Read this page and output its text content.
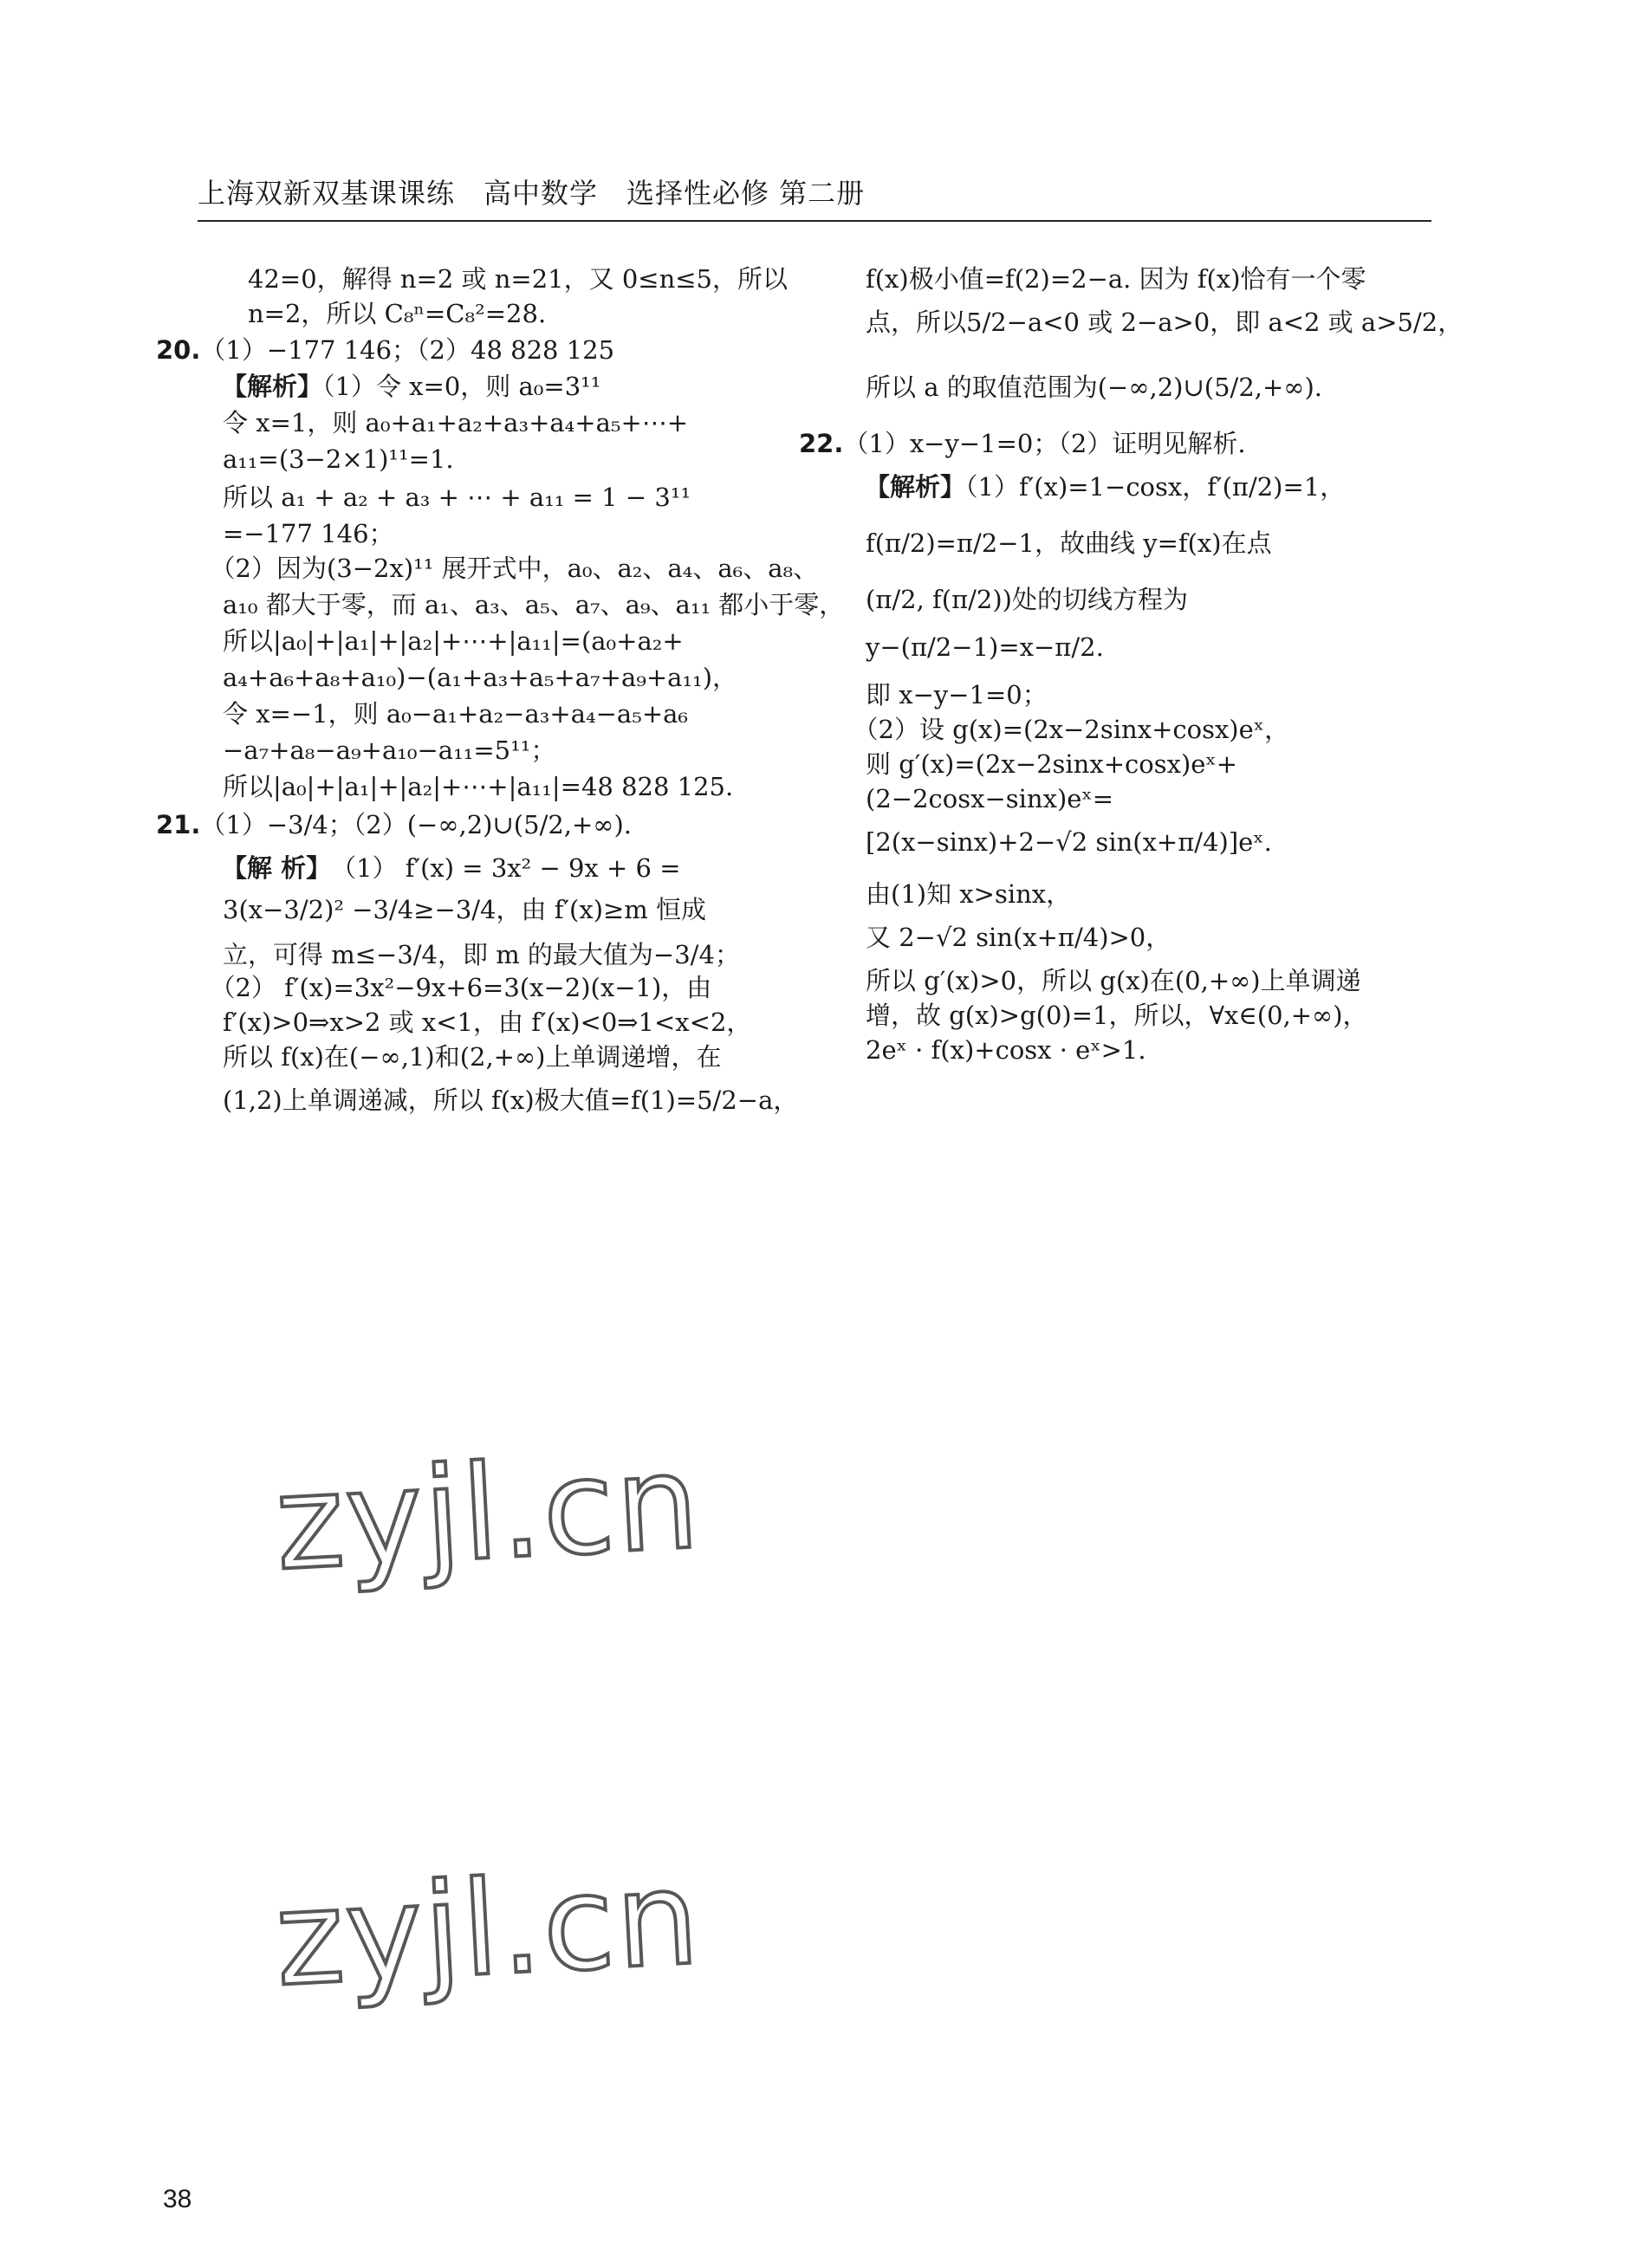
上海双新双基课课练　高中数学　选择性必修 第二册
　　42=0，解得 n=2 或 n=21，又 0≤n≤5，所以
　　n=2，所以 C₈ⁿ=C₈²=28.
20.（1）−177 146；（2）48 828 125
【解析】（1）令 x=0，则 a₀=3¹¹
　令 x=1，则 a₀+a₁+a₂+a₃+a₄+a₅+⋯+
　a₁₁=(3−2×1)¹¹=1.
　所以 a₁ + a₂ + a₃ + ⋯ + a₁₁ = 1 − 3¹¹
　=−177 146；
　（2）因为(3−2x)¹¹ 展开式中，a₀、a₂、a₄、a₆、a₈、
　a₁₀ 都大于零，而 a₁、a₃、a₅、a₇、a₉、a₁₁ 都小于零，
　所以|a₀|+|a₁|+|a₂|+⋯+|a₁₁|=(a₀+a₂+
　a₄+a₆+a₈+a₁₀)−(a₁+a₃+a₅+a₇+a₉+a₁₁)，
　令 x=−1，则 a₀−a₁+a₂−a₃+a₄−a₅+a₆
　−a₇+a₈−a₉+a₁₀−a₁₁=5¹¹；
　所以|a₀|+|a₁|+|a₂|+⋯+|a₁₁|=48 828 125.
21.（1）−3/4；（2）(−∞,2)∪(5/2,+∞).
【解 析】　（1） f′(x) = 3x² − 9x + 6 =
　3(x−3/2)² −3/4≥−3/4，由 f′(x)≥m 恒成
　立，可得 m≤−3/4，即 m 的最大值为−3/4；
　（2） f′(x)=3x²−9x+6=3(x−2)(x−1)，由
　f′(x)>0⇒x>2 或 x<1，由 f′(x)<0⇒1<x<2，
　所以 f(x)在(−∞,1)和(2,+∞)上单调递增，在
　(1,2)上单调递减，所以 f(x)极大值=f(1)=5/2−a，
　f(x)极小值=f(2)=2−a. 因为 f(x)恰有一个零
　点，所以5/2−a<0 或 2−a>0，即 a<2 或 a>5/2，
　所以 a 的取值范围为(−∞,2)∪(5/2,+∞).
22.（1）x−y−1=0；（2）证明见解析.
【解析】（1）f′(x)=1−cosx，f′(π/2)=1，
　f(π/2)=π/2−1，故曲线 y=f(x)在点
　(π/2, f(π/2))处的切线方程为
　y−(π/2−1)=x−π/2.
　即 x−y−1=0；
　（2）设 g(x)=(2x−2sinx+cosx)eˣ，
　则 g′(x)=(2x−2sinx+cosx)eˣ+
　(2−2cosx−sinx)eˣ=
　[2(x−sinx)+2−√2 sin(x+π/4)]eˣ.
　由(1)知 x>sinx，
　又 2−√2 sin(x+π/4)>0，
　所以 g′(x)>0，所以 g(x)在(0,+∞)上单调递
　增，故 g(x)>g(0)=1，所以，∀x∈(0,+∞)，
　2eˣ · f(x)+cosx · eˣ>1.
zyjl.cn
zyjl.cn
38
